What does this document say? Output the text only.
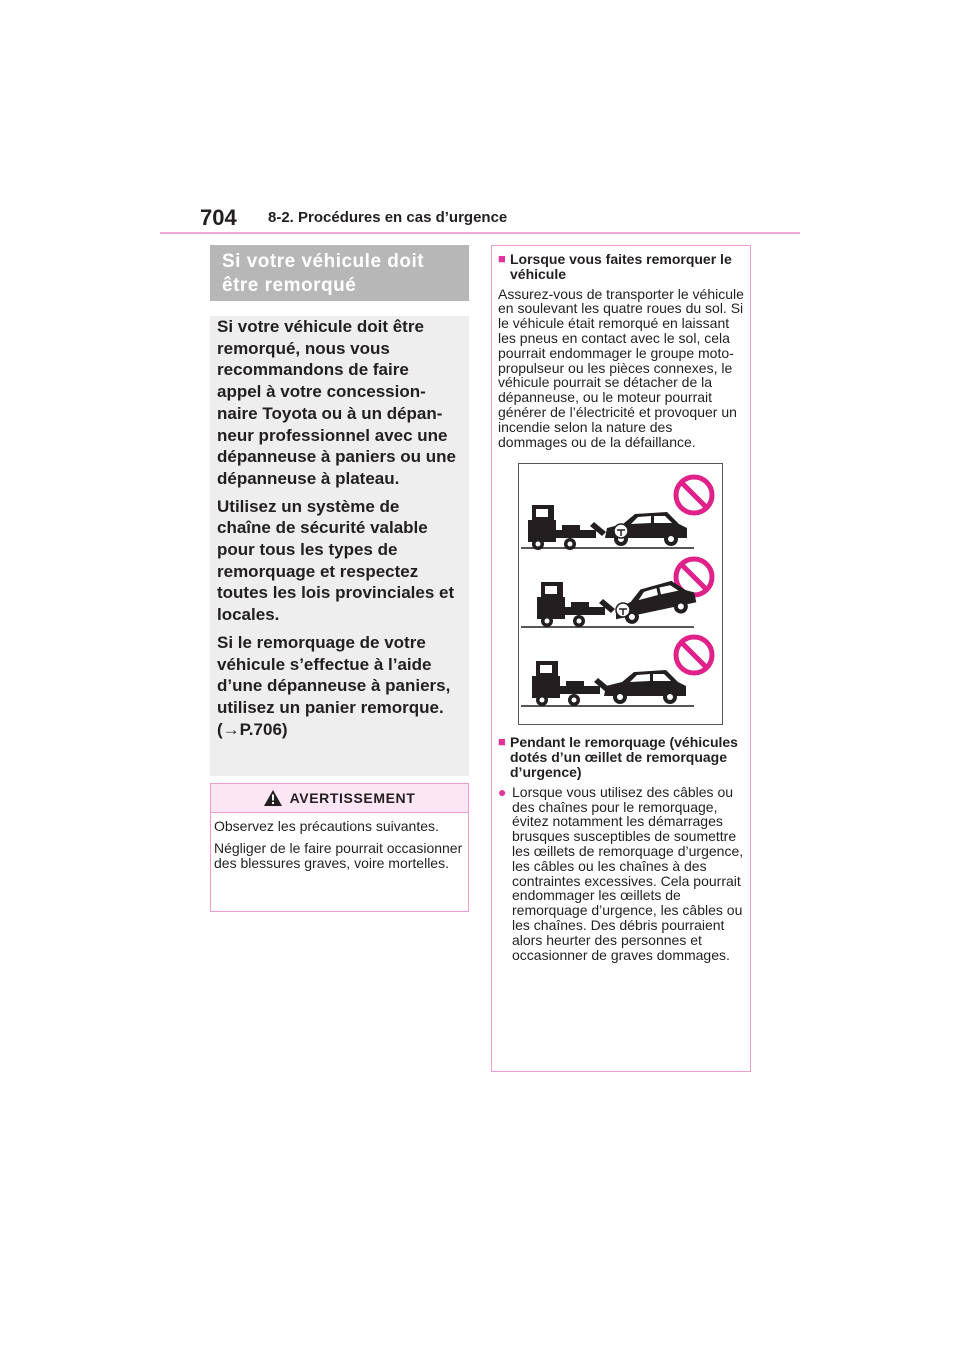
704 8-2. Procédures en cas d’urgence
Si votre véhicule doit
être remorqué

Si votre véhicule doit être remorqué, nous vous recommandons de faire appel à votre concessionnaire Toyota ou à un dépanneur professionnel avec une dépanneuse à paniers ou une dépanneuse à plateau.

Utilisez un système de chaîne de sécurité valable pour tous les types de remorquage et respectez toutes les lois provinciales et locales.

Si le remorquage de votre véhicule s’effectue à l’aide d’une dépanneuse à paniers, utilisez un panier remorque. (→P.706)

AVERTISSEMENT

Observez les précautions suivantes.

Négliger de le faire pourrait occasionner des blessures graves, voire mortelles.

■ Lorsque vous faites remorquer le véhicule

Assurez-vous de transporter le véhicule en soulevant les quatre roues du sol. Si le véhicule était remorqué en laissant les pneus en contact avec le sol, cela pourrait endommager le groupe motopropulseur ou les pièces connexes, le véhicule pourrait se détacher de la dépanneuse, ou le moteur pourrait générer de l’électricité et provoquer un incendie selon la nature des dommages ou de la défaillance.

■ Pendant le remorquage (véhicules dotés d’un œillet de remorquage d’urgence)
● Lorsque vous utilisez des câbles ou des chaînes pour le remorquage, évitez notamment les démarrages brusques susceptibles de soumettre les œillets de remorquage d’urgence, les câbles ou les chaînes à des contraintes excessives. Cela pourrait endommager les œillets de remorquage d’urgence, les câbles ou les chaînes. Des débris pourraient alors heurter des personnes et occasionner de graves dommages.
